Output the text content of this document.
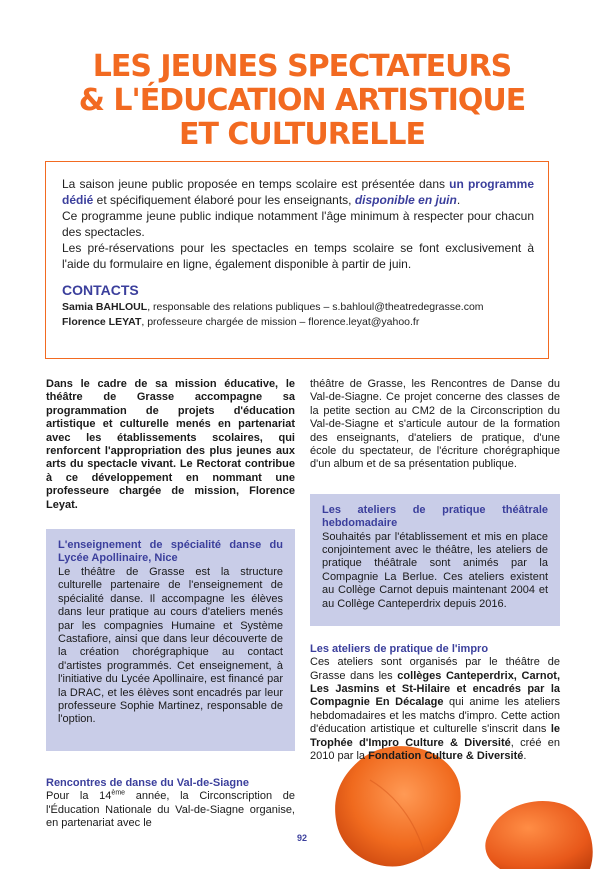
LES JEUNES SPECTATEURS
& L'ÉDUCATION ARTISTIQUE
ET CULTURELLE

La saison jeune public proposée en temps scolaire est présentée dans un programme dédié et spécifiquement élaboré pour les enseignants, disponible en juin.

Ce programme jeune public indique notamment l'âge minimum à respecter pour chacun des spectacles.

Les pré-réservations pour les spectacles en temps scolaire se font exclusivement à l'aide du formulaire en ligne, également disponible à partir de juin.

CONTACTS
Samia BAHLOUL, responsable des relations publiques – s.bahloul@theatredegrasse.com
Florence LEYAT, professeure chargée de mission – florence.leyat@yahoo.fr

Dans le cadre de sa mission éducative, le théâtre de Grasse accompagne sa programmation de projets d'éducation artistique et culturelle menés en partenariat avec les établissements scolaires, qui renforcent l'appropriation des plus jeunes aux arts du spectacle vivant. Le Rectorat contribue à ce développement en nommant une professeure chargée de mission, Florence Leyat.

L'enseignement de spécialité danse du Lycée Apollinaire, Nice

Le théâtre de Grasse est la structure culturelle partenaire de l'enseignement de spécialité danse. Il accompagne les élèves dans leur pratique au cours d'ateliers menés par les compagnies Humaine et Système Castafiore, ainsi que dans leur découverte de la création chorégraphique au contact d'artistes programmés. Cet enseignement, à l'initiative du Lycée Apollinaire, est financé par la DRAC, et les élèves sont encadrés par leur professeure Sophie Martinez, responsable de l'option.

Rencontres de danse du Val-de-Siagne

Pour la 14ème année, la Circonscription de l'Éducation Nationale du Val-de-Siagne organise, en partenariat avec le

théâtre de Grasse, les Rencontres de Danse du Val-de-Siagne. Ce projet concerne des classes de la petite section au CM2 de la Circonscription du Val-de-Siagne et s'articule autour de la formation des enseignants, d'ateliers de pratique, d'une école du spectateur, de l'écriture chorégraphique d'un album et de sa présentation publique.

Les ateliers de pratique théâtrale hebdomadaire

Souhaités par l'établissement et mis en place conjointement avec le théâtre, les ateliers de pratique théâtrale sont animés par la Compagnie La Berlue. Ces ateliers existent au Collège Carnot depuis maintenant 2004 et au Collège Canteperdrix depuis 2016.

Les ateliers de pratique de l'impro

Ces ateliers sont organisés par le théâtre de Grasse dans les collèges Canteperdrix, Carnot, Les Jasmins et St-Hilaire et encadrés par la Compagnie En Décalage qui anime les ateliers hebdomadaires et les matchs d'impro. Cette action d'éducation artistique et culturelle s'inscrit dans le Trophée d'Impro Culture & Diversité, créé en 2010 par la Fondation Culture & Diversité.

92
